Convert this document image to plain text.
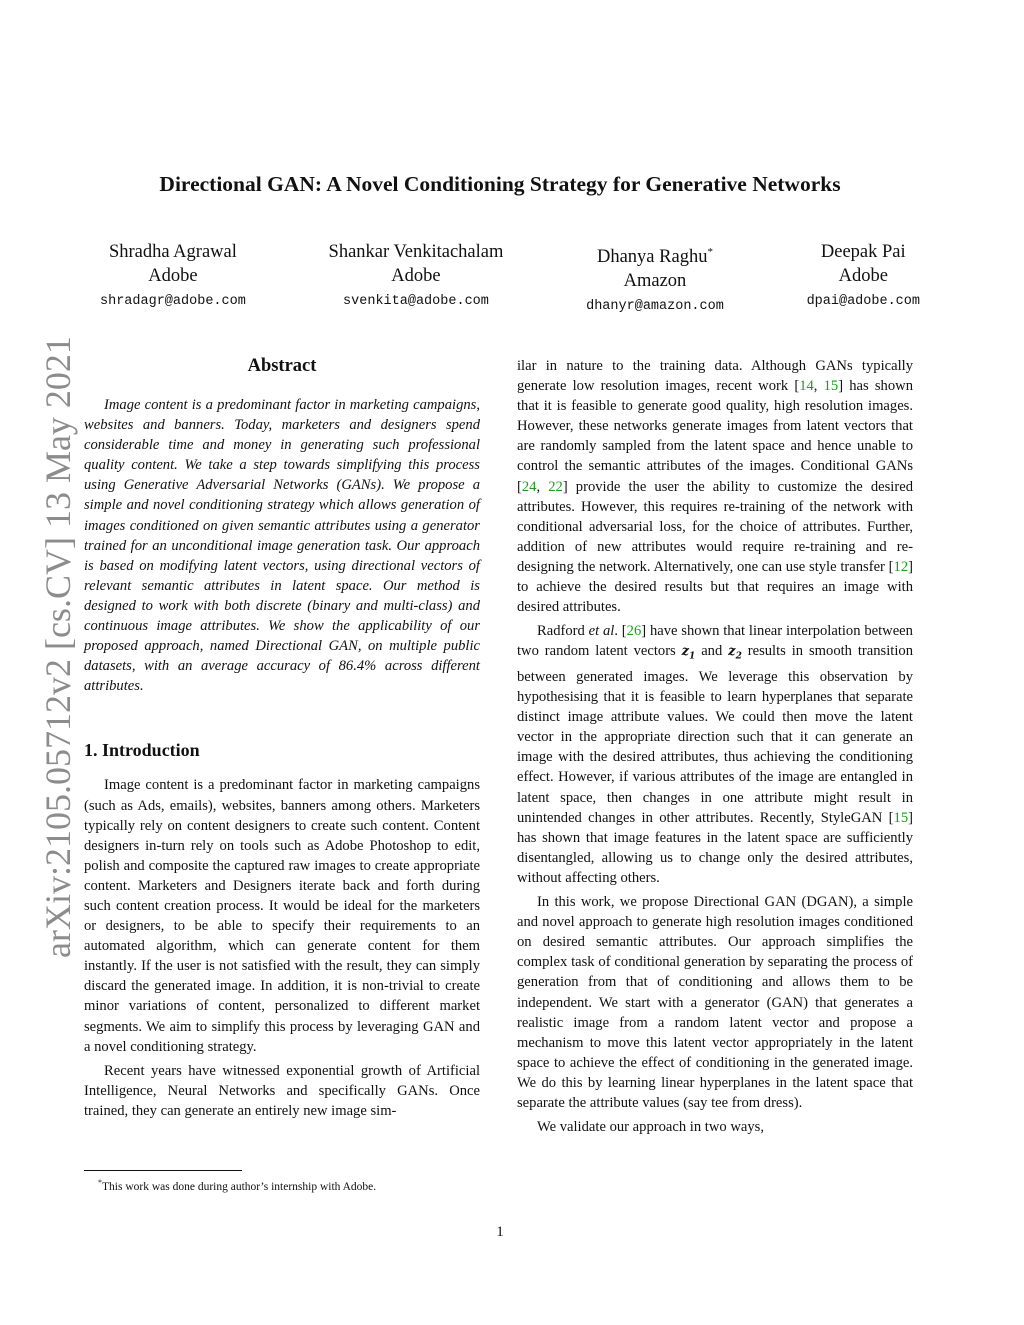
arXiv:2105.05712v2 [cs.CV] 13 May 2021
Directional GAN: A Novel Conditioning Strategy for Generative Networks
Shradha Agrawal
Adobe
shradagr@adobe.com
Shankar Venkitachalam
Adobe
svenkita@adobe.com
Dhanya Raghu*
Amazon
dhanyr@amazon.com
Deepak Pai
Adobe
dpai@adobe.com
Abstract

Image content is a predominant factor in marketing campaigns, websites and banners. Today, marketers and designers spend considerable time and money in generating such professional quality content. We take a step towards simplifying this process using Generative Adversarial Networks (GANs). We propose a simple and novel conditioning strategy which allows generation of images conditioned on given semantic attributes using a generator trained for an unconditional image generation task. Our approach is based on modifying latent vectors, using directional vectors of relevant semantic attributes in latent space. Our method is designed to work with both discrete (binary and multi-class) and continuous image attributes. We show the applicability of our proposed approach, named Directional GAN, on multiple public datasets, with an average accuracy of 86.4% across different attributes.

1. Introduction

Image content is a predominant factor in marketing campaigns (such as Ads, emails), websites, banners among others. Marketers typically rely on content designers to create such content. Content designers in-turn rely on tools such as Adobe Photoshop to edit, polish and composite the captured raw images to create appropriate content. Marketers and Designers iterate back and forth during such content creation process. It would be ideal for the marketers or designers, to be able to specify their requirements to an automated algorithm, which can generate content for them instantly. If the user is not satisfied with the result, they can simply discard the generated image. In addition, it is non-trivial to create minor variations of content, personalized to different market segments. We aim to simplify this process by leveraging GAN and a novel conditioning strategy.

Recent years have witnessed exponential growth of Artificial Intelligence, Neural Networks and specifically GANs. Once trained, they can generate an entirely new image sim-

ilar in nature to the training data. Although GANs typically generate low resolution images, recent work [14, 15] has shown that it is feasible to generate good quality, high resolution images. However, these networks generate images from latent vectors that are randomly sampled from the latent space and hence unable to control the semantic attributes of the images. Conditional GANs [24, 22] provide the user the ability to customize the desired attributes. However, this requires re-training of the network with conditional adversarial loss, for the choice of attributes. Further, addition of new attributes would require re-training and re-designing the network. Alternatively, one can use style transfer [12] to achieve the desired results but that requires an image with desired attributes.

Radford et al. [26] have shown that linear interpolation between two random latent vectors $z_1$ and $z_2$ results in smooth transition between generated images. We leverage this observation by hypothesising that it is feasible to learn hyperplanes that separate distinct image attribute values. We could then move the latent vector in the appropriate direction such that it can generate an image with the desired attributes, thus achieving the conditioning effect. However, if various attributes of the image are entangled in latent space, then changes in one attribute might result in unintended changes in other attributes. Recently, StyleGAN [15] has shown that image features in the latent space are sufficiently disentangled, allowing us to change only the desired attributes, without affecting others.

In this work, we propose Directional GAN (DGAN), a simple and novel approach to generate high resolution images conditioned on desired semantic attributes. Our approach simplifies the complex task of conditional generation by separating the process of generation from that of conditioning and allows them to be independent. We start with a generator (GAN) that generates a realistic image from a random latent vector and propose a mechanism to move this latent vector appropriately in the latent space to achieve the effect of conditioning in the generated image. We do this by learning linear hyperplanes in the latent space that separate the attribute values (say tee from dress).

We validate our approach in two ways,

*This work was done during author’s internship with Adobe.
1
